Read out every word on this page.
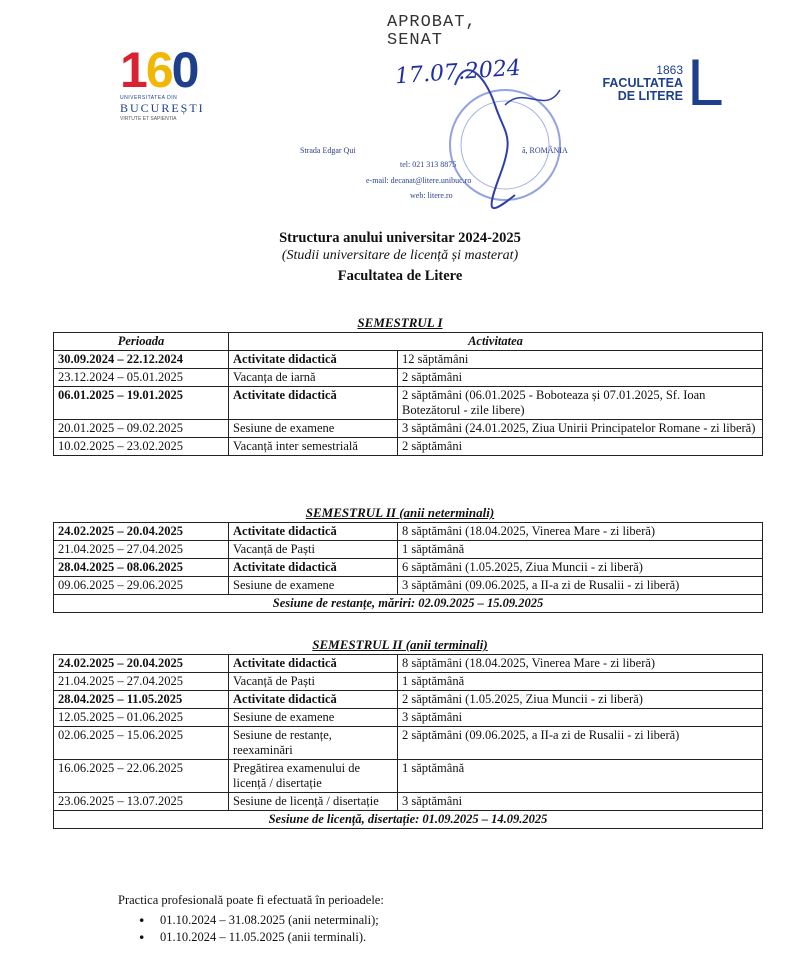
160
UNIVERSITATEA DIN
BUCUREȘTI
VIRTUTE ET SAPIENTIA
APROBAT,
SENAT
17.07.2024	1863
FACULTATEA
DE LITERE L
Strada Edgar Qui	ă, ROMÂNIA
tel: 021 313 8875
e-mail: decanat@litere.unibuc.ro
web: litere.ro
Structura anului universitar 2024-2025
(Studii universitare de licență și masterat)
Facultatea de Litere
SEMESTRUL I
Perioada	Activitatea	
30.09.2024 – 22.12.2024	Activitate didactică	12 săptămâni
23.12.2024 – 05.01.2025	Vacanța de iarnă	2 săptămâni
06.01.2025 – 19.01.2025	Activitate didactică	2 săptămâni (06.01.2025 - Boboteaza și 07.01.2025, Sf. Ioan Botezătorul - zile libere)
20.01.2025 – 09.02.2025	Sesiune de examene	3 săptămâni (24.01.2025, Ziua Unirii Principatelor Romane - zi liberă)
10.02.2025 – 23.02.2025	Vacanță inter semestrială	2 săptămâni
SEMESTRUL II (anii neterminali)
24.02.2025 – 20.04.2025	Activitate didactică	8 săptămâni (18.04.2025, Vinerea Mare - zi liberă)
21.04.2025 – 27.04.2025	Vacanță de Paști	1 săptămână
28.04.2025 – 08.06.2025	Activitate didactică	6 săptămâni (1.05.2025, Ziua Muncii - zi liberă)
09.06.2025 – 29.06.2025	Sesiune de examene	3 săptămâni (09.06.2025, a II-a zi de Rusalii - zi liberă)
Sesiune de restanțe, măriri: 02.09.2025 – 15.09.2025		
SEMESTRUL II (anii terminali)
24.02.2025 – 20.04.2025	Activitate didactică	8 săptămâni (18.04.2025, Vinerea Mare - zi liberă)
21.04.2025 – 27.04.2025	Vacanță de Paști	1 săptămână
28.04.2025 – 11.05.2025	Activitate didactică	2 săptămâni (1.05.2025, Ziua Muncii - zi liberă)
12.05.2025 – 01.06.2025	Sesiune de examene	3 săptămâni
02.06.2025 – 15.06.2025	Sesiune de restanțe, reexaminări	2 săptămâni (09.06.2025, a II-a zi de Rusalii - zi liberă)
16.06.2025 – 22.06.2025	Pregătirea examenului de licență / disertație	1 săptămână
23.06.2025 – 13.07.2025	Sesiune de licență / disertație	3 săptămâni
Sesiune de licență, disertație: 01.09.2025 – 14.09.2025		
Practica profesională poate fi efectuată în perioadele:
• 01.10.2024 – 31.08.2025 (anii neterminali);
• 01.10.2024 – 11.05.2025 (anii terminali).
